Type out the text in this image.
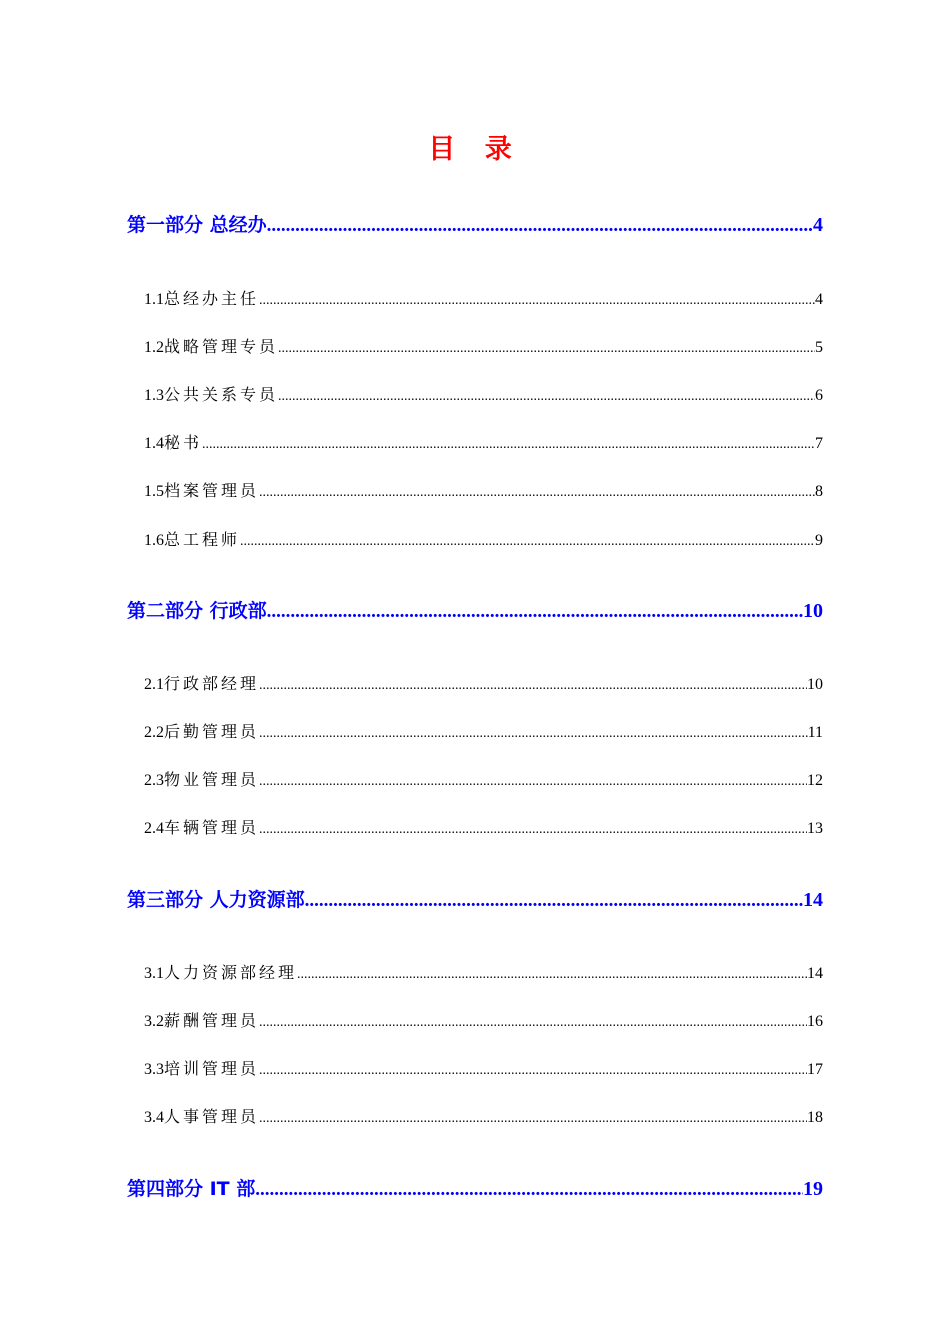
目 录
第一部分 总经办 .....	4
1.1总经办主任 .....	4
1.2战略管理专员 .....	5
1.3公共关系专员 .....	6
1.4秘书 .....	7
1.5档案管理员 .....	8
1.6总工程师 .....	9
第二部分 行政部 .....	10
2.1行政部经理 .....	10
2.2后勤管理员 .....	11
2.3物业管理员 .....	12
2.4车辆管理员 .....	13
第三部分 人力资源部 .....	14
3.1人力资源部经理 .....	14
3.2薪酬管理员 .....	16
3.3培训管理员 .....	17
3.4人事管理员 .....	18
第四部分 IT 部 .....	19
